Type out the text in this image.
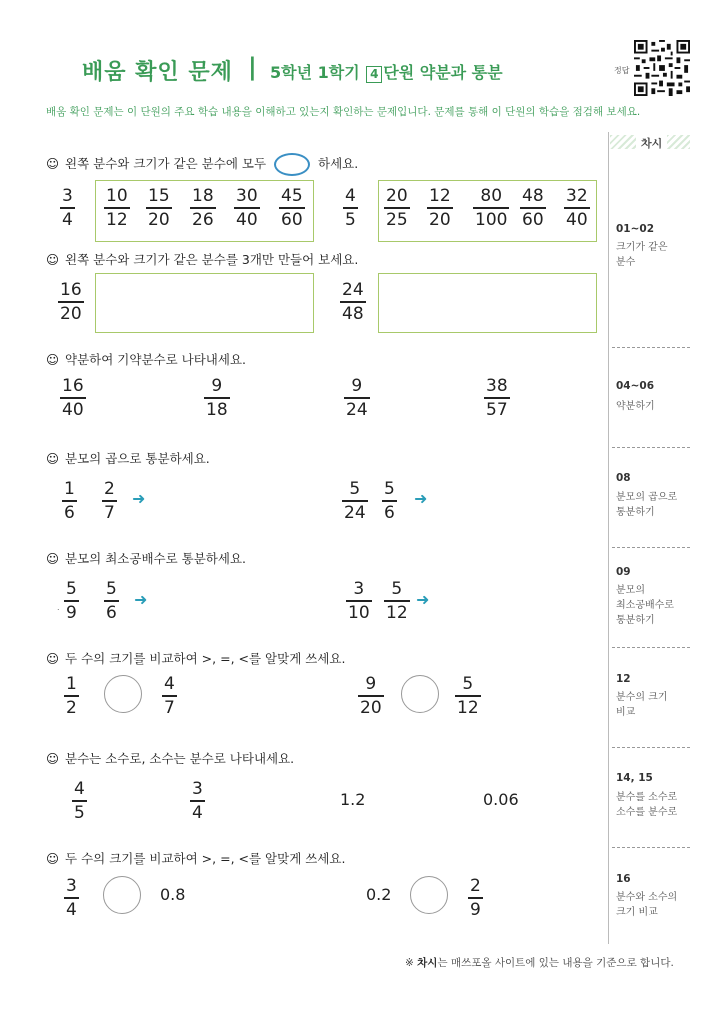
배움 확인 문제 | 5학년 1학기 4 단원 약분과 통분	정답
배움 확인 문제는 이 단원의 주요 학습 내용을 이해하고 있는지 확인하는 문제입니다. 문제를 통해 이 단원의 학습을 점검해 보세요.
차시
01~02
크기가 같은
분수
04~06
약분하기
08
분모의 곱으로
통분하기
09
분모의
최소공배수로
통분하기
12
분수의 크기
비교
14, 15
분수를 소수로
소수를 분수로
16
분수와 소수의
크기 비교
☺ 왼쪽 분수와 크기가 같은 분수에 모두	하세요.
☺ 왼쪽 분수와 크기가 같은 분수를 3개만 만들어 보세요.
☺ 약분하여 기약분수로 나타내세요.
☺ 분모의 곱으로 통분하세요.
➜	➜
☺ 분모의 최소공배수로 통분하세요.
.	➜	➜
☺ 두 수의 크기를 비교하여 >, =, <를 알맞게 쓰세요.
☺ 분수는 소수로, 소수는 분수로 나타내세요.
1.2	0.06
☺ 두 수의 크기를 비교하여 >, =, <를 알맞게 쓰세요.
0.8	0.2
※ 차시는 매쓰포올 사이트에 있는 내용을 기준으로 합니다.
3
4
10
12
15
20
18
26
30
40
45
60
4
5
20
25
12
20
80
100
48
60
32
40
16
20
24
48
16
40
9
18
9
24
38
57
1
6
2
7
5
24
5
6
5
9
5
6
3
10
5
12
1
2
4
7
9
20
5
12
4
5
3
4
3
4
2
9
